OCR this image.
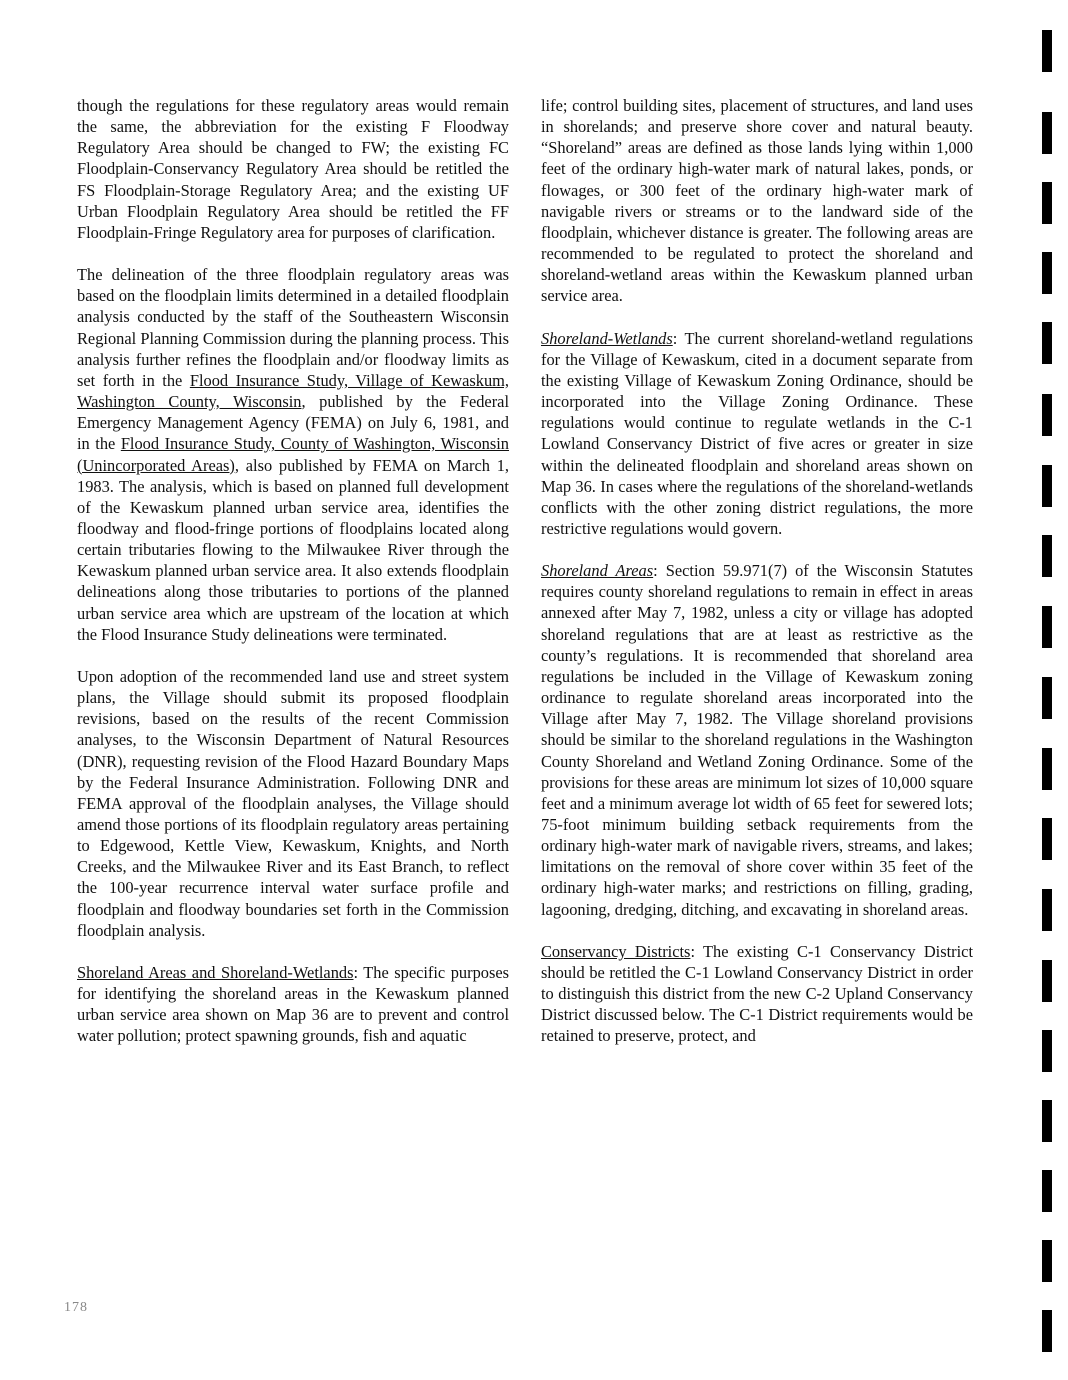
though the regulations for these regulatory areas would remain the same, the abbreviation for the existing F Floodway Regulatory Area should be changed to FW; the existing FC Floodplain-Conservancy Regulatory Area should be retitled the FS Floodplain-Storage Regulatory Area; and the existing UF Urban Floodplain Regulatory Area should be retitled the FF Floodplain-Fringe Regulatory area for purposes of clarification.

The delineation of the three floodplain regulatory areas was based on the floodplain limits determined in a detailed floodplain analysis conducted by the staff of the Southeastern Wisconsin Regional Planning Commission during the planning process. This analysis further refines the floodplain and/or floodway limits as set forth in the Flood Insurance Study, Village of Kewaskum, Washington County, Wisconsin, published by the Federal Emergency Management Agency (FEMA) on July 6, 1981, and in the Flood Insurance Study, County of Washington, Wisconsin (Unincorporated Areas), also published by FEMA on March 1, 1983. The analysis, which is based on planned full development of the Kewaskum planned urban service area, identifies the floodway and flood-fringe portions of floodplains located along certain tributaries flowing to the Milwaukee River through the Kewaskum planned urban service area. It also extends floodplain delineations along those tributaries to portions of the planned urban service area which are upstream of the location at which the Flood Insurance Study delineations were terminated.

Upon adoption of the recommended land use and street system plans, the Village should submit its proposed floodplain revisions, based on the results of the recent Commission analyses, to the Wisconsin Department of Natural Resources (DNR), requesting revision of the Flood Hazard Boundary Maps by the Federal Insurance Administration. Following DNR and FEMA approval of the floodplain analyses, the Village should amend those portions of its floodplain regulatory areas pertaining to Edgewood, Kettle View, Kewaskum, Knights, and North Creeks, and the Milwaukee River and its East Branch, to reflect the 100-year recurrence interval water surface profile and floodplain and floodway boundaries set forth in the Commission floodplain analysis.

Shoreland Areas and Shoreland-Wetlands: The specific purposes for identifying the shoreland areas in the Kewaskum planned urban service area shown on Map 36 are to prevent and control water pollution; protect spawning grounds, fish and aquatic

life; control building sites, placement of structures, and land uses in shorelands; and preserve shore cover and natural beauty. “Shoreland” areas are defined as those lands lying within 1,000 feet of the ordinary high-water mark of natural lakes, ponds, or flowages, or 300 feet of the ordinary high-water mark of navigable rivers or streams or to the landward side of the floodplain, whichever distance is greater. The following areas are recommended to be regulated to protect the shoreland and shoreland-wetland areas within the Kewaskum planned urban service area.

Shoreland-Wetlands: The current shoreland-wetland regulations for the Village of Kewaskum, cited in a document separate from the existing Village of Kewaskum Zoning Ordinance, should be incorporated into the Village Zoning Ordinance. These regulations would continue to regulate wetlands in the C-1 Lowland Conservancy District of five acres or greater in size within the delineated floodplain and shoreland areas shown on Map 36. In cases where the regulations of the shoreland-wetlands conflicts with the other zoning district regulations, the more restrictive regulations would govern.

Shoreland Areas: Section 59.971(7) of the Wisconsin Statutes requires county shoreland regulations to remain in effect in areas annexed after May 7, 1982, unless a city or village has adopted shoreland regulations that are at least as restrictive as the county’s regulations. It is recommended that shoreland area regulations be included in the Village of Kewaskum zoning ordinance to regulate shoreland areas incorporated into the Village after May 7, 1982. The Village shoreland provisions should be similar to the shoreland regulations in the Washington County Shoreland and Wetland Zoning Ordinance. Some of the provisions for these areas are minimum lot sizes of 10,000 square feet and a minimum average lot width of 65 feet for sewered lots; 75-foot minimum building setback requirements from the ordinary high-water mark of navigable rivers, streams, and lakes; limitations on the removal of shore cover within 35 feet of the ordinary high-water marks; and restrictions on filling, grading, lagooning, dredging, ditching, and excavating in shoreland areas.

Conservancy Districts: The existing C-1 Conservancy District should be retitled the C-1 Lowland Conservancy District in order to distinguish this district from the new C-2 Upland Conservancy District discussed below. The C-1 District requirements would be retained to preserve, protect, and

178
